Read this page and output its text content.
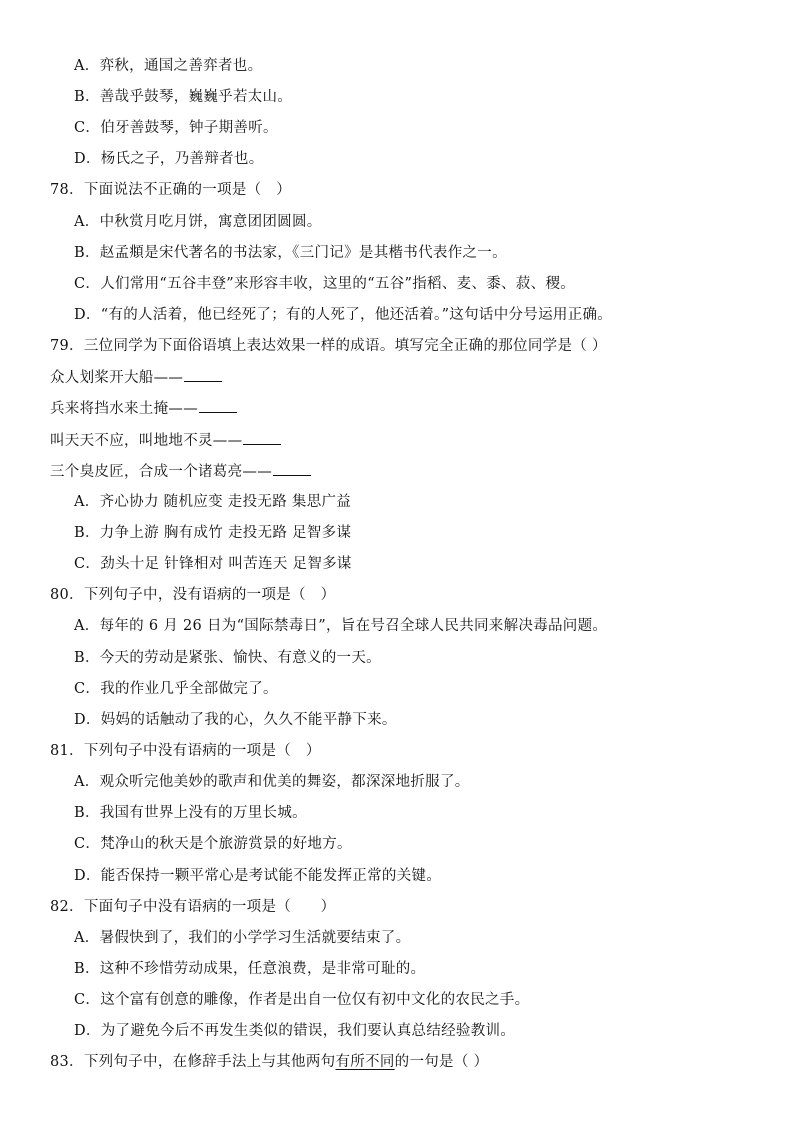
A．弈秋，通国之善弈者也。
B．善哉乎鼓琴，巍巍乎若太山。
C．伯牙善鼓琴，钟子期善听。
D．杨氏之子，乃善辩者也。
78．下面说法不正确的一项是（　）
A．中秋赏月吃月饼，寓意团团圆圆。
B．赵孟頫是宋代著名的书法家，《三门记》是其楷书代表作之一。
C．人们常用“五谷丰登”来形容丰收，这里的“五谷”指稻、麦、黍、菽、稷。
D．“有的人活着，他已经死了；有的人死了，他还活着。”这句话中分号运用正确。
79．三位同学为下面俗语填上表达效果一样的成语。填写完全正确的那位同学是（ ）
众人划桨开大船——
兵来将挡水来土掩——
叫天天不应，叫地地不灵——
三个臭皮匠，合成一个诸葛亮——
A．齐心协力 随机应变 走投无路 集思广益
B．力争上游 胸有成竹 走投无路 足智多谋
C．劲头十足 针锋相对 叫苦连天 足智多谋
80．下列句子中，没有语病的一项是（　）
A．每年的 6 月 26 日为“国际禁毒日”，旨在号召全球人民共同来解决毒品问题。
B．今天的劳动是紧张、愉快、有意义的一天。
C．我的作业几乎全部做完了。
D．妈妈的话触动了我的心，久久不能平静下来。
81．下列句子中没有语病的一项是（　）
A．观众听完他美妙的歌声和优美的舞姿，都深深地折服了。
B．我国有世界上没有的万里长城。
C．梵净山的秋天是个旅游赏景的好地方。
D．能否保持一颗平常心是考试能不能发挥正常的关键。
82．下面句子中没有语病的一项是（　　）
A．暑假快到了，我们的小学学习生活就要结束了。
B．这种不珍惜劳动成果，任意浪费，是非常可耻的。
C．这个富有创意的雕像，作者是出自一位仅有初中文化的农民之手。
D．为了避免今后不再发生类似的错误，我们要认真总结经验教训。
83．下列句子中，在修辞手法上与其他两句有所不同的一句是（ ）
